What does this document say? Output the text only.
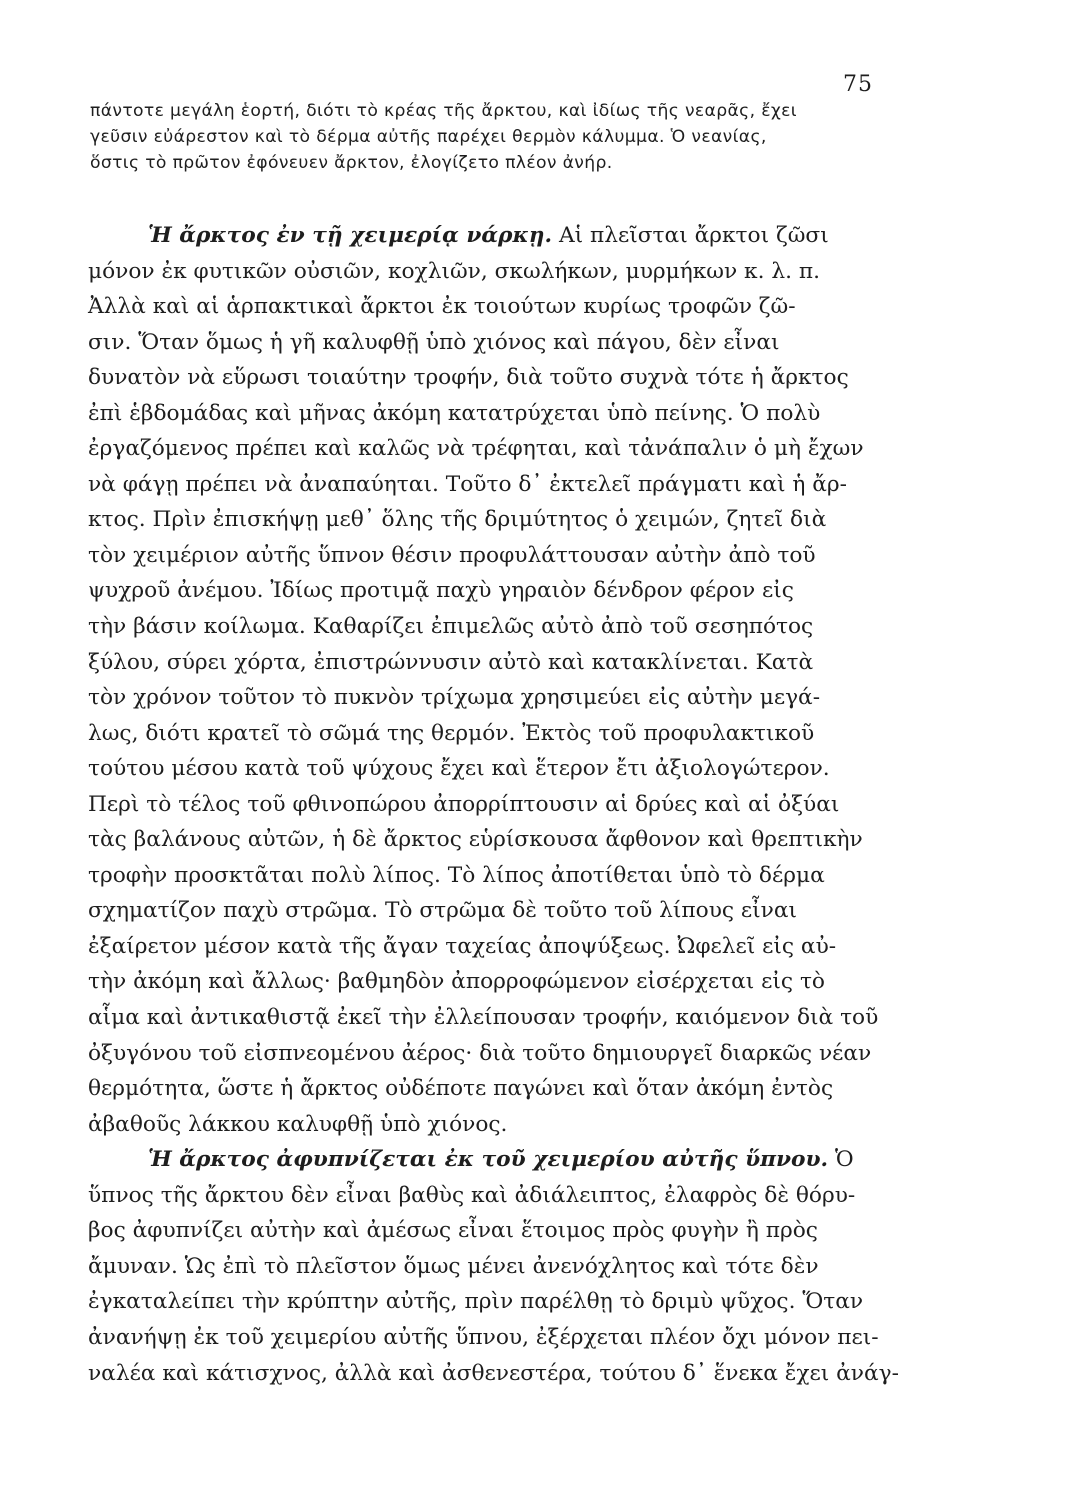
75
πάντοτε μεγάλη ἑορτή, διότι τὸ κρέας τῆς ἄρκτου, καὶ ἰδίως τῆς νεαρᾶς, ἔχει
γεῦσιν εὐάρεστον καὶ τὸ δέρμα αὐτῆς παρέχει θερμὸν κάλυμμα. Ὁ νεανίας,
ὅστις τὸ πρῶτον ἐφόνευεν ἄρκτον, ἐλογίζετο πλέον ἀνήρ.
Ἡ ἄρκτος ἐν τῇ χειμερίᾳ νάρκῃ. Αἱ πλεῖσται ἄρκτοι ζῶσι
μόνον ἐκ φυτικῶν οὐσιῶν, κοχλιῶν, σκωλήκων, μυρμήκων κ. λ. π.
Ἀλλὰ καὶ αἱ ἁρπακτικαὶ ἄρκτοι ἐκ τοιούτων κυρίως τροφῶν ζῶ-
σιν. Ὅταν ὅμως ἡ γῆ καλυφθῇ ὑπὸ χιόνος καὶ πάγου, δὲν εἶναι
δυνατὸν νὰ εὕρωσι τοιαύτην τροφήν, διὰ τοῦτο συχνὰ τότε ἡ ἄρκτος
ἐπὶ ἑβδομάδας καὶ μῆνας ἀκόμη κατατρύχεται ὑπὸ πείνης. Ὁ πολὺ
ἐργαζόμενος πρέπει καὶ καλῶς νὰ τρέφηται, καὶ τἀνάπαλιν ὁ μὴ ἔχων
νὰ φάγῃ πρέπει νὰ ἀναπαύηται. Τοῦτο δ᾽ ἐκτελεῖ πράγματι καὶ ἡ ἄρ-
κτος. Πρὶν ἐπισκήψῃ μεθ᾽ ὅλης τῆς δριμύτητος ὁ χειμών, ζητεῖ διὰ
τὸν χειμέριον αὐτῆς ὕπνον θέσιν προφυλάττουσαν αὐτὴν ἀπὸ τοῦ
ψυχροῦ ἀνέμου. Ἰδίως προτιμᾷ παχὺ γηραιὸν δένδρον φέρον εἰς
τὴν βάσιν κοίλωμα. Καθαρίζει ἐπιμελῶς αὐτὸ ἀπὸ τοῦ σεσηπότος
ξύλου, σύρει χόρτα, ἐπιστρώννυσιν αὐτὸ καὶ κατακλίνεται. Κατὰ
τὸν χρόνον τοῦτον τὸ πυκνὸν τρίχωμα χρησιμεύει εἰς αὐτὴν μεγά-
λως, διότι κρατεῖ τὸ σῶμά της θερμόν. Ἐκτὸς τοῦ προφυλακτικοῦ
τούτου μέσου κατὰ τοῦ ψύχους ἔχει καὶ ἕτερον ἔτι ἀξιολογώτερον.
Περὶ τὸ τέλος τοῦ φθινοπώρου ἀπορρίπτουσιν αἱ δρύες καὶ αἱ ὀξύαι
τὰς βαλάνους αὐτῶν, ἡ δὲ ἄρκτος εὑρίσκουσα ἄφθονον καὶ θρεπτικὴν
τροφὴν προσκτᾶται πολὺ λίπος. Τὸ λίπος ἀποτίθεται ὑπὸ τὸ δέρμα
σχηματίζον παχὺ στρῶμα. Τὸ στρῶμα δὲ τοῦτο τοῦ λίπους εἶναι
ἐξαίρετον μέσον κατὰ τῆς ἄγαν ταχείας ἀποψύξεως. Ὠφελεῖ εἰς αὐ-
τὴν ἀκόμη καὶ ἄλλως· βαθμηδὸν ἀπορροφώμενον εἰσέρχεται εἰς τὸ
αἷμα καὶ ἀντικαθιστᾷ ἐκεῖ τὴν ἐλλείπουσαν τροφήν, καιόμενον διὰ τοῦ
ὀξυγόνου τοῦ εἰσπνεομένου ἀέρος· διὰ τοῦτο δημιουργεῖ διαρκῶς νέαν
θερμότητα, ὥστε ἡ ἄρκτος οὐδέποτε παγώνει καὶ ὅταν ἀκόμη ἐντὸς
ἀβαθοῦς λάκκου καλυφθῇ ὑπὸ χιόνος.
Ἡ ἄρκτος ἀφυπνίζεται ἐκ τοῦ χειμερίου αὐτῆς ὕπνου. Ὁ
ὕπνος τῆς ἄρκτου δὲν εἶναι βαθὺς καὶ ἀδιάλειπτος, ἐλαφρὸς δὲ θόρυ-
βος ἀφυπνίζει αὐτὴν καὶ ἀμέσως εἶναι ἕτοιμος πρὸς φυγὴν ἢ πρὸς
ἄμυναν. Ὡς ἐπὶ τὸ πλεῖστον ὅμως μένει ἀνενόχλητος καὶ τότε δὲν
ἐγκαταλείπει τὴν κρύπτην αὐτῆς, πρὶν παρέλθῃ τὸ δριμὺ ψῦχος. Ὅταν
ἀνανήψῃ ἐκ τοῦ χειμερίου αὐτῆς ὕπνου, ἐξέρχεται πλέον ὄχι μόνον πει-
ναλέα καὶ κάτισχνος, ἀλλὰ καὶ ἀσθενεστέρα, τούτου δ᾽ ἕνεκα ἔχει ἀνάγ-
